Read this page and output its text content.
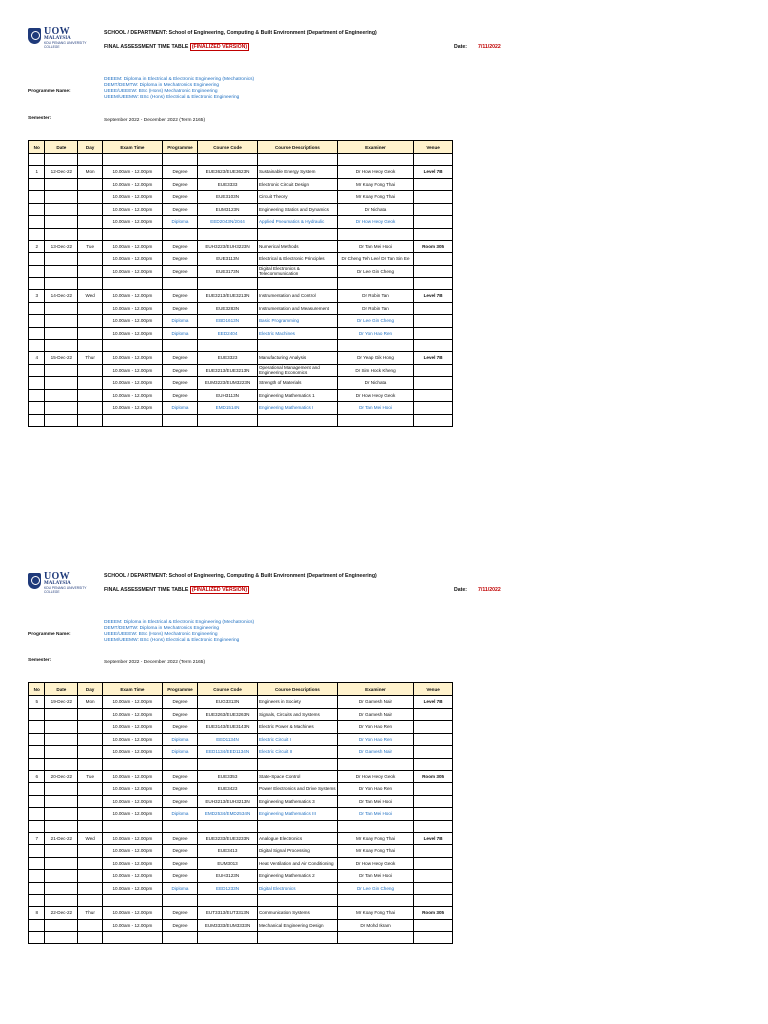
UOW
MALAYSIA
KDU PENANG UNIVERSITY COLLEGE
SCHOOL / DEPARTMENT: School of Engineering, Computing & Built Environment (Department of Engineering)
FINAL ASSESSMENT TIME TABLE (FINALIZED VERSION)	Date: 7/11/2022
Programme Name:
DEEEM: Diploma in Electrical & Electronic Engineering (Mechatronics)
DEMT/DEMTW: Diploma in Mechatronics Engineering
UEEE/UEEEW: BSc (Hons) Mechatronic Engineering
UEEM/UEEMW: BSc (Hons) Electrical & Electronic Engineering
Semester:	September 2022 - December 2022 (Term 2165)
No	Date	Day	Exam Time	Programme	Course Code	Course Descriptions	Examiner	Venue

1	12-Dec-22	Mon	10.00am - 12.00pm	Degree	EUE3623/EUE3623N	Sustainable Energy System	Dr How Heoy Geok	Level 7B
			10.00am - 12.00pm	Degree	EUE3333	Electronic Circuit Design	Mr Koay Fong Thai	
			10.00am - 12.00pm	Degree	EUE3103N	Circuit Theory	Mr Koay Fong Thai	
			10.00am - 12.00pm	Degree	EUM3123N	Engineering Statics and Dynamics	Dr Nichata	
			10.00am - 12.00pm	Diploma	EED2043N/2044	Applied Pneumatics & Hydraulic	Dr How Heoy Geok	

2	13-Dec-22	Tue	10.00am - 12.00pm	Degree	EUH3223/EUH3223N	Numerical Methods	Dr Tan Mei Hooi	Room 305
			10.00am - 12.00pm	Degree	EUE3113N	Electrical & Electronic Principles	Dr Cheng Teh Lee/ Dr Tan Sin Ee	
			10.00am - 12.00pm	Degree	EUE3173N	Digital Electronics & Telecommunication	Dr Lee Gin Cheng	

3	14-Dec-22	Wed	10.00am - 12.00pm	Degree	EUE3213/EUE3213N	Instrumentation and Control	Dr Robin Tan	Level 7B
			10.00am - 12.00pm	Degree	EUE3283N	Instrumentation and Measurement	Dr Robin Tan	
			10.00am - 12.00pm	Diploma	EBD1613N	Basic Programming	Dr Lee Gin Cheng	
			10.00am - 12.00pm	Diploma	EED2404	Electric Machines	Dr Yon Hao Ren	

4	15-Dec-22	Thur	10.00am - 12.00pm	Degree	EUE3323	Manufacturing Analysis	Dr Yeap Gik Hong	Level 7B
			10.00am - 12.00pm	Degree	EUE3213/EUE3213N	Operational Management and Engineering Economics	Dr Sim Hock Kheng	
			10.00am - 12.00pm	Degree	EUM3223/EUM3223N	Strength of Materials	Dr Nichata	
			10.00am - 12.00pm	Degree	EUH3113N	Engineering Mathematics 1	Dr How Heoy Geok	
			10.00am - 12.00pm	Diploma	EMD1514N	Engineering Mathematics I	Dr Tan Mei Hooi	

UOW
MALAYSIA
KDU PENANG UNIVERSITY COLLEGE
SCHOOL / DEPARTMENT: School of Engineering, Computing & Built Environment (Department of Engineering)
FINAL ASSESSMENT TIME TABLE (FINALIZED VERSION)	Date: 7/11/2022
Programme Name:
DEEEM: Diploma in Electrical & Electronic Engineering (Mechatronics)
DEMT/DEMTW: Diploma in Mechatronics Engineering
UEEE/UEEEW: BSc (Hons) Mechatronic Engineering
UEEM/UEEMW: BSc (Hons) Electrical & Electronic Engineering
Semester:	September 2022 - December 2022 (Term 2165)
No	Date	Day	Exam Time	Programme	Course Code	Course Descriptions	Examiner	Venue
5	19-Dec-22	Mon	10.00am - 12.00pm	Degree	EUG3313N	Engineers in Society	Dr Gamesh Nair	Level 7B
			10.00am - 12.00pm	Degree	EUE3263/EUE3263N	Signals, Circuits and Systems	Dr Gamesh Nair	
			10.00am - 12.00pm	Degree	EUE3143/EUE3143N	Electric Power & Machines	Dr Yon Hao Ren	
			10.00am - 12.00pm	Diploma	EED1134N	Electric Circuit I	Dr Yon Hao Ren	
			10.00am - 12.00pm	Diploma	EED1134/EED1134N	Electric Circuit II	Dr Gamesh Nair	

6	20-Dec-22	Tue	10.00am - 12.00pm	Degree	EUE3353	State-Space Control	Dr How Heoy Geok	Room 305
			10.00am - 12.00pm	Degree	EUE3423	Power Electronics and Drive Systems	Dr Yon Hao Ren	
			10.00am - 12.00pm	Degree	EUH3213/EUH3213N	Engineering Mathematics 3	Dr Tan Mei Hooi	
			10.00am - 12.00pm	Diploma	EMD2534/EMD2534N	Engineering Mathematics III	Dr Tan Mei Hooi	

7	21-Dec-22	Wed	10.00am - 12.00pm	Degree	EUE3233/EUE3233N	Analogue Electronics	Mr Koay Fong Thai	Level 7B
			10.00am - 12.00pm	Degree	EUE3413	Digital Signal Processing	Mr Koay Fong Thai	
			10.00am - 12.00pm	Degree	EUM3013	Heat Ventilation and Air Conditioning	Dr How Heoy Geok	
			10.00am - 12.00pm	Degree	EUH3123N	Engineering Mathematics 2	Dr Tan Mei Hooi	
			10.00am - 12.00pm	Diploma	EED1233N	Digital Electronics	Dr Lee Gin Cheng	

8	22-Dec-22	Thur	10.00am - 12.00pm	Degree	EUT3313/EUT3313N	Communication Systems	Mr Koay Fong Thai	Room 305
			10.00am - 12.00pm	Degree	EUM3333/EUM3333N	Mechanical Engineering Design	Dr Mohd Ikram	
